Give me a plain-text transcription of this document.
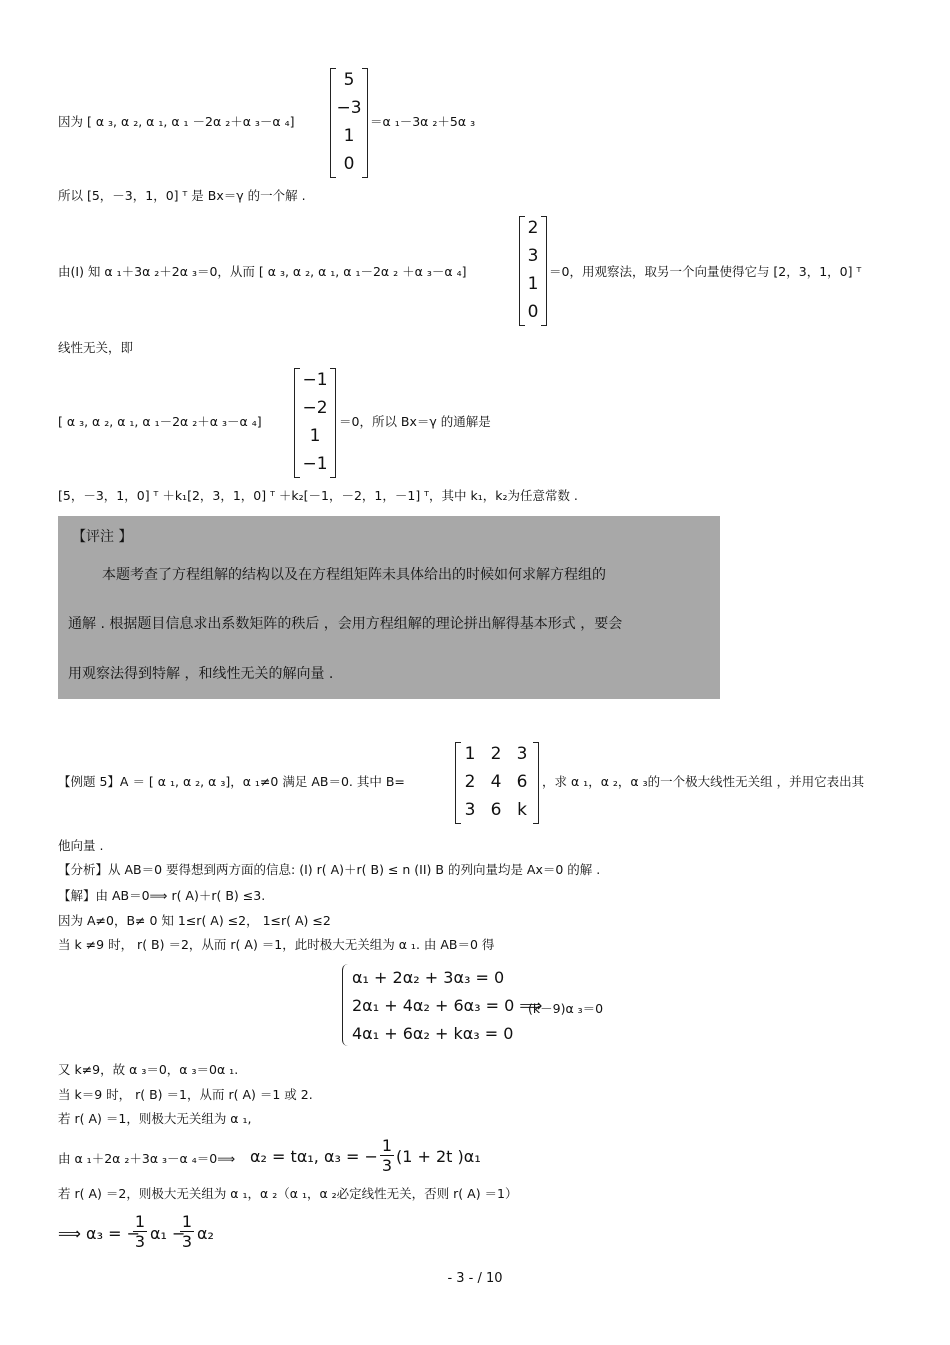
因为 [ α ₃, α ₂, α ₁, α ₁ －2α ₂＋α ₃－α ₄]
5
−3
1
0
＝α ₁－3α ₂＋5α ₃
所以 [5，－3，1，0] ᵀ 是 Bx＝γ 的一个解 .
由(I) 知 α ₁＋3α ₂＋2α ₃＝0，从而 [ α ₃, α ₂, α ₁, α ₁－2α ₂ ＋α ₃－α ₄]
2
3
1
0
＝0，用观察法，取另一个向量使得它与 [2，3，1，0] ᵀ
线性无关，即
[ α ₃, α ₂, α ₁, α ₁－2α ₂＋α ₃－α ₄]
−1
−2
1
−1
＝0，所以 Bx＝γ 的通解是
[5，－3，1，0] ᵀ ＋k₁[2，3，1，0] ᵀ ＋k₂[－1，－2，1，－1] ᵀ，其中 k₁，k₂为任意常数 .
【评注 】
本题考查了方程组解的结构以及在方程组矩阵未具体给出的时候如何求解方程组的
通解 . 根据题目信息求出系数矩阵的秩后 ，会用方程组解的理论拼出解得基本形式 ，要会
用观察法得到特解 ，和线性无关的解向量 .
【例题 5】A ＝ [ α ₁, α ₂, α ₃]，α ₁≠0 满足 AB＝0. 其中 B=
1 2 3
2 4 6
3 6 k
，求 α ₁，α ₂，α ₃的一个极大线性无关组 ，并用它表出其
他向量 .
【分析】从 AB＝0 要得想到两方面的信息: (I) r( A)＋r( B) ≤ n (II) B 的列向量均是 Ax＝0 的解 .
【解】由 AB＝0⟹ r( A)＋r( B) ≤3.
因为 A≠0，B≠ 0 知 1≤r( A) ≤2， 1≤r( A) ≤2
当 k ≠9 时， r( B) ＝2，从而 r( A) ＝1，此时极大无关组为 α ₁. 由 AB＝0 得
α₁ + 2α₂ + 3α₃ = 0
2α₁ + 4α₂ + 6α₃ = 0 ⟹
4α₁ + 6α₂ + kα₃ = 0
(k－9)α ₃＝0
又 k≠9，故 α ₃＝0，α ₃＝0α ₁.
当 k＝9 时， r( B) ＝1，从而 r( A) ＝1 或 2.
若 r( A) ＝1，则极大无关组为 α ₁,
由 α ₁＋2α ₂＋3α ₃－α ₄＝0⟹ α₂ = tα₁, α₃ = − $\frac{1}{3} (1 + 2t$ )α₁
若 r( A) ＝2，则极大无关组为 α ₁，α ₂（α ₁，α ₂必定线性无关，否则 r( A) ＝1）
⟹ α₃ = −
$\frac{1}{3} \alpha_1$ −
$\frac{1}{3} \alpha_2$
- 3 - / 10
